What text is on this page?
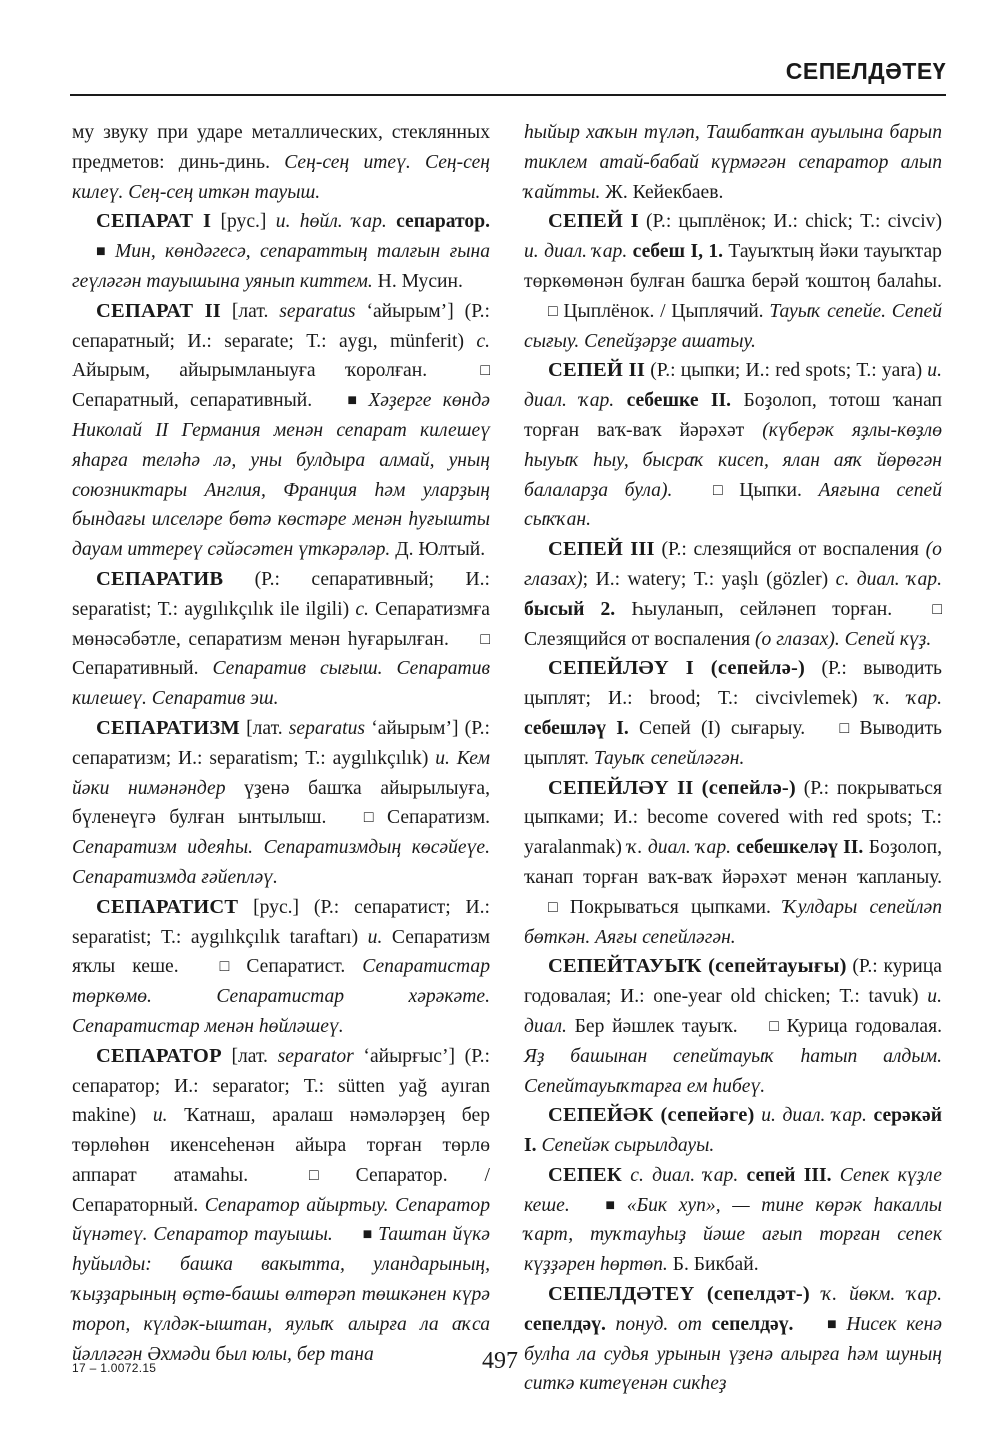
СЕПЕЛДӘТЕҮ

му звуку при ударе металлических, стеклянных предметов: динь-динь. Сеӊ-сеӊ итеү. Сеӊ-сеӊ килеү. Сеӊ-сеӊ иткән тауыш.

СЕПАРАТ I [рус.] и. һөйл. ҡар. сепаратор. ■ Мин, көндәгесә, сепараттыӊ талғын ғына геүләгән тауышына уянып киттем. Н. Мусин.

СЕПАРАТ II [лат. separatus ‘айырым’] (Р.: сепаратный; И.: separate; Т.: aygı, münferit) с. Айырым, айырымланыуға ҡоролған. □ Сепаратный, сепаративный. ■ Хәҙерге көндә Николай II Германия менән сепарат килешеү яһарға теләһә лә, уны булдыра алмай, уныӊ союзниктары Англия, Франция һәм уларҙыӊ бындағы илселәре бөтә көстәре менән һуғышты дауам иттереү сәйәсәтен үткәрәләр. Д. Юлтый.

СЕПАРАТИВ (Р.: сепаративный; И.: separatist; Т.: aygılıkçılık ile ilgili) с. Сепаратизмға мөнәсәбәтле, сепаратизм менән һуғарылған. □ Сепаративный. Сепаратив сығыш. Сепаратив килешеү. Сепаратив эш.

СЕПАРАТИЗМ [лат. separatus ‘айырым’] (Р.: сепаратизм; И.: separatism; Т.: aygılıkçılık) и. Кем йәки нимәнәндер үҙенә башҡа айырылыуға, бүленеүгә булған ынтылыш. □ Сепаратизм. Сепаратизм идеяһы. Сепаратизмдыӊ көсәйеүе. Сепаратизмда ғәйепләү.

СЕПАРАТИСТ [рус.] (Р.: сепаратист; И.: separatist; Т.: aygılıkçılık taraftarı) и. Сепаратизм яҡлы кеше. □ Сепаратист. Сепаратистар төркөмө. Сепаратистар хәрәкәте. Сепаратистар менән һөйләшеү.

СЕПАРАТОР [лат. separator ‘айырғыс’] (Р.: сепаратор; И.: separator; Т.: sütten yağ ayıran makine) и. Ҡатнаш, аралаш нәмәләрҙеӊ бер төрлөһөн икенсеһенән айыра торған төрлө аппарат атамаһы. □ Сепаратор. / Сепараторный. Сепаратор айыртыу. Сепаратор йүнәтеү. Сепаратор тауышы. ■ Таштан йүкә һуйылды: башка вакытта, уландарыныӊ, ҡыҙҙарыныӊ өҫтө-башы өлтөрәп төшкәнен күрә тороп, күлдәк-ыштан, яулыҡ алырға ла аҡса йәлләгән Әхмәди был юлы, бер тана

һыйыр хаҡын түләп, Ташбатҡан ауылына барып тиклем атай-бабай күрмәгән сепаратор алып ҡайтты. Ж. Кейекбаев.

СЕПЕЙ I (Р.: цыплёнок; И.: chick; Т.: civciv) и. диал. ҡар. себеш I, 1. Тауыҡтыӊ йәки тауыҡтар төркөмөнән булған башҡа берәй ҡоштоӊ балаһы. □ Цыплёнок. / Цыплячий. Тауыҡ сепейе. Сепей сығыу. Сепейҙәрҙе ашатыу.

СЕПЕЙ II (Р.: цыпки; И.: red spots; Т.: yara) и. диал. ҡар. себешке II. Боҙолоп, тотош ҡанап торған ваҡ-ваҡ йәрәхәт (күберәк яҙлы-көҙлө һыуыҡ һыу, бысраҡ кисеп, ялан аяҡ йөрөгән балаларҙа була).	□ Цыпки. Аяғына сепей сыҡҡан.

СЕПЕЙ III (Р.: слезящийся от воспаления (о глазах); И.: watery; Т.: yaşlı (gözler) с. диал. ҡар. бысый 2. Һыуланып, сейләнеп торған. □ Слезящийся от воспаления (о глазах). Сепей күҙ.

СЕПЕЙЛӘҮ I (сепейлә-) (Р.: выводить цыплят; И.: brood; Т.: civcivlemek) ҡ. ҡар. себешләү I. Сепей (I) сығарыу. □ Выводить цыплят. Тауыҡ сепейләгән.

СЕПЕЙЛӘҮ II (сепейлә-) (Р.: покрываться цыпками; И.: become covered with red spots; Т.: yaralanmak) ҡ. диал. ҡар. себешкеләү II. Боҙолоп, ҡанап торған ваҡ-ваҡ йәрәхәт менән ҡапланыу. □ Покрываться цыпками. Ҡулдары сепейләп бөткән. Аяғы сепейләгән.

СЕПЕЙТАУЫҠ (сепейтауығы) (Р.: курица годовалая; И.: one-year old chicken; Т.: tavuk) и. диал. Бер йәшлек тауыҡ. □ Курица годовалая. Яҙ башынан сепейтауыҡ һатып алдым. Сепейтауыҡтарға ем һибеү.

СЕПЕЙӘК (сепейәге) и. диал. ҡар. серәкәй I. Сепейәк сырылдауы.

СЕПЕК с. диал. ҡар. сепей III. Сепек күҙле кеше. ■ «Бик хуп», — тине көрәк һакаллы ҡарт, туҡтауһыҙ йәше ағып торған сепек күҙҙәрен һөртөп. Б. Бикбай.

СЕПЕЛДӘТЕҮ (сепелдәт-) ҡ. йөкм. ҡар. сепелдәү. понуд. от сепелдәү. ■ Нисек кенә булһа ла судья урынын үҙенә алырға һәм шуның ситкә китеүенән сикһеҙ

17 – 1.0072.15	497
